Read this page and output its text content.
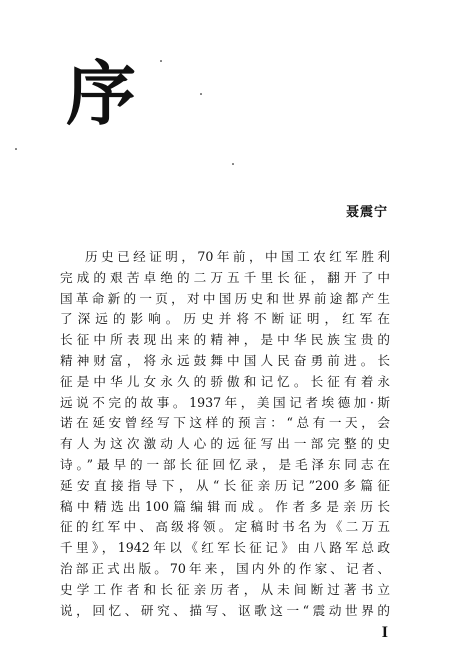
序
聂震宁
历史已经证明，70年前，中国工农红军胜利
完成的艰苦卓绝的二万五千里长征，翻开了中
国革命新的一页，对中国历史和世界前途都产生
了深远的影响。历史并将不断证明，红军在
长征中所表现出来的精神，是中华民族宝贵的
精神财富，将永远鼓舞中国人民奋勇前进。长
征是中华儿女永久的骄傲和记忆。长征有着永
远说不完的故事。1937年，美国记者埃德加·斯
诺在延安曾经写下这样的预言：“总有一天，会
有人为这次激动人心的远征写出一部完整的史
诗。”最早的一部长征回忆录，是毛泽东同志在
延安直接指导下，从“长征亲历记”200多篇征
稿中精选出100篇编辑而成。作者多是亲历长
征的红军中、高级将领。定稿时书名为《二万五
千里》，1942年以《红军长征记》由八路军总政
治部正式出版。70年来，国内外的作家、记者、
史学工作者和长征亲历者，从未间断过著书立
说，回忆、研究、描写、讴歌这一“震动世界的
I
